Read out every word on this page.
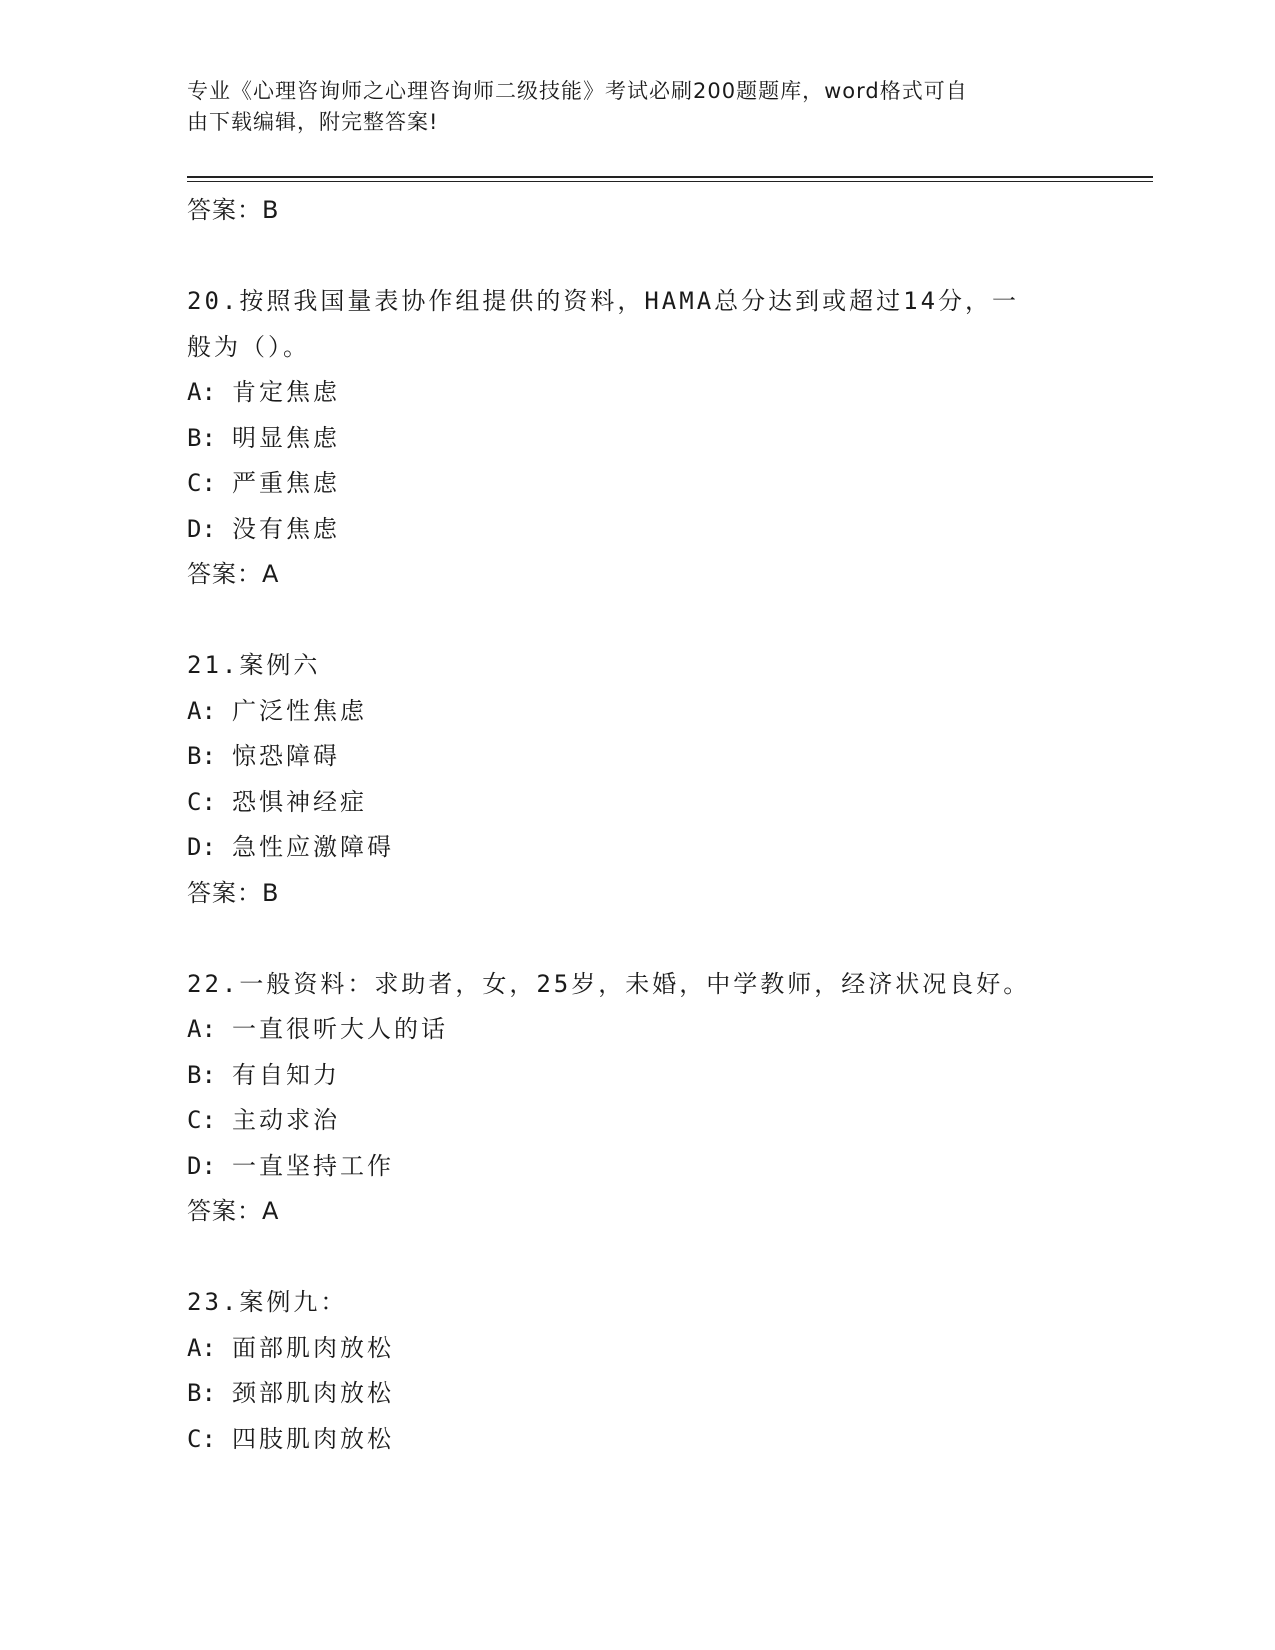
专业《心理咨询师之心理咨询师二级技能》考试必刷200题题库，word格式可自
由下载编辑，附完整答案!
答案：B
20.按照我国量表协作组提供的资料，HAMA总分达到或超过14分，一
般为（）。
A: 肯定焦虑
B: 明显焦虑
C: 严重焦虑
D: 没有焦虑
答案：A
21.案例六
A: 广泛性焦虑
B: 惊恐障碍
C: 恐惧神经症
D: 急性应激障碍
答案：B
22.一般资料：求助者，女，25岁，未婚，中学教师，经济状况良好。
A: 一直很听大人的话
B: 有自知力
C: 主动求治
D: 一直坚持工作
答案：A
23.案例九：
A: 面部肌肉放松
B: 颈部肌肉放松
C: 四肢肌肉放松
